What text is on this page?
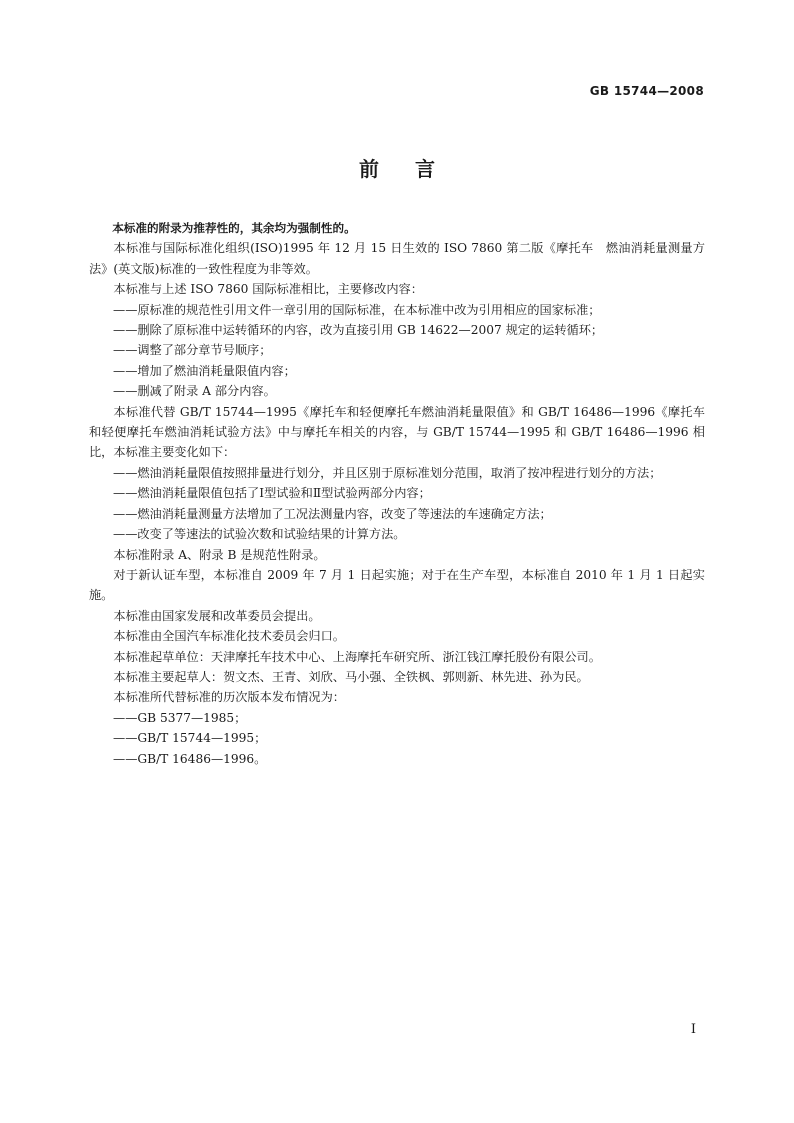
GB 15744—2008
前言
本标准的附录为推荐性的，其余均为强制性的。
本标准与国际标准化组织(ISO)1995 年 12 月 15 日生效的 ISO 7860 第二版《摩托车　燃油消耗量测量方法》(英文版)标准的一致性程度为非等效。
本标准与上述 ISO 7860 国际标准相比，主要修改内容：
——原标准的规范性引用文件一章引用的国际标准，在本标准中改为引用相应的国家标准；
——删除了原标准中运转循环的内容，改为直接引用 GB 14622—2007 规定的运转循环；
——调整了部分章节号顺序；
——增加了燃油消耗量限值内容；
——删减了附录 A 部分内容。
本标准代替 GB/T 15744—1995《摩托车和轻便摩托车燃油消耗量限值》和 GB/T 16486—1996《摩托车和轻便摩托车燃油消耗试验方法》中与摩托车相关的内容，与 GB/T 15744—1995 和 GB/T 16486—1996 相比，本标准主要变化如下：
——燃油消耗量限值按照排量进行划分，并且区别于原标准划分范围，取消了按冲程进行划分的方法；
——燃油消耗量限值包括了Ⅰ型试验和Ⅱ型试验两部分内容；
——燃油消耗量测量方法增加了工况法测量内容，改变了等速法的车速确定方法；
——改变了等速法的试验次数和试验结果的计算方法。
本标准附录 A、附录 B 是规范性附录。
对于新认证车型，本标准自 2009 年 7 月 1 日起实施；对于在生产车型，本标准自 2010 年 1 月 1 日起实施。
本标准由国家发展和改革委员会提出。
本标准由全国汽车标准化技术委员会归口。
本标准起草单位：天津摩托车技术中心、上海摩托车研究所、浙江钱江摩托股份有限公司。
本标准主要起草人：贺文杰、王青、刘欣、马小强、全铁枫、郭则新、林先进、孙为民。
本标准所代替标准的历次版本发布情况为：
——GB 5377—1985；
——GB/T 15744—1995；
——GB/T 16486—1996。
I
